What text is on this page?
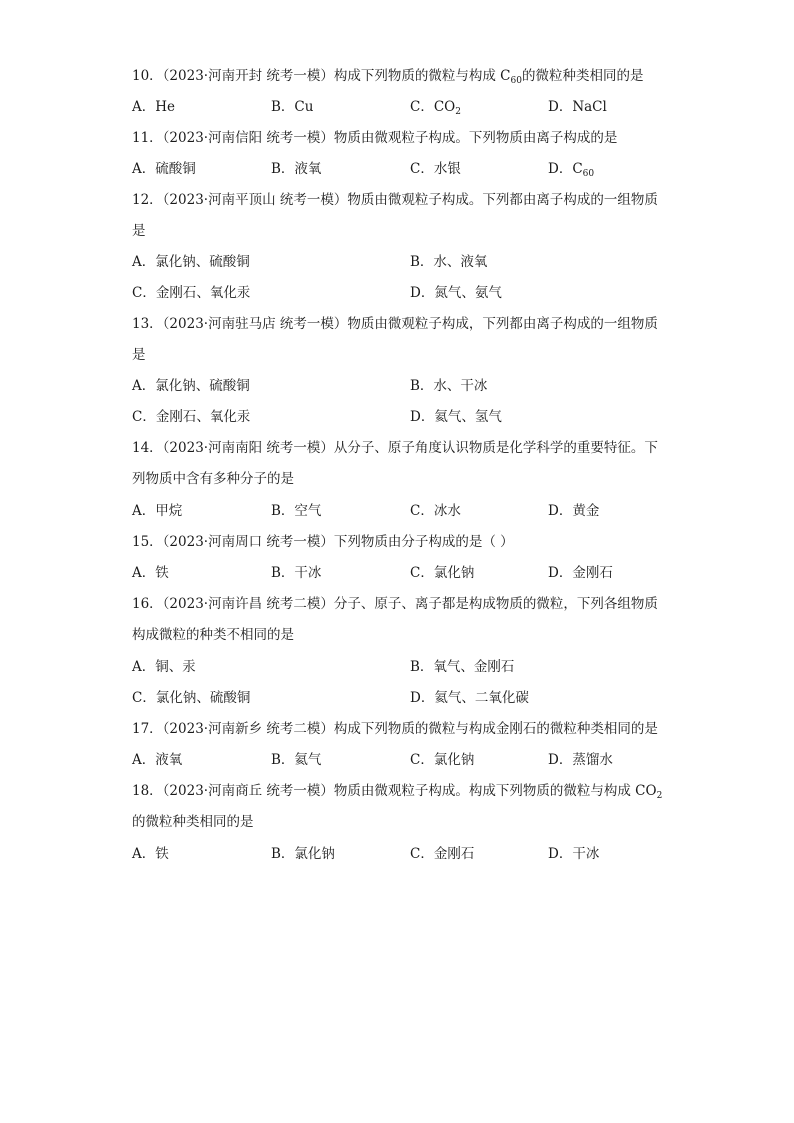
10．（2023·河南开封 统考一模）构成下列物质的微粒与构成 $C_{60}$的微粒种类相同的是
A．He	B．Cu	C．$CO_2$	D．NaCl
11．（2023·河南信阳 统考一模）物质由微观粒子构成。下列物质由离子构成的是
A．硫酸铜	B．液氧	C．水银	D．$C_{60}$
12．（2023·河南平顶山 统考一模）物质由微观粒子构成。下列都由离子构成的一组物质
是
A．氯化钠、硫酸铜	B．水、液氧
C．金刚石、氧化汞	D．氮气、氨气
13．（2023·河南驻马店 统考一模）物质由微观粒子构成，下列都由离子构成的一组物质
是
A．氯化钠、硫酸铜	B．水、干冰
C．金刚石、氧化汞	D．氦气、氢气
14．（2023·河南南阳 统考一模）从分子、原子角度认识物质是化学科学的重要特征。下
列物质中含有多种分子的是
A．甲烷	B．空气	C．冰水	D．黄金
15．（2023·河南周口 统考一模）下列物质由分子构成的是（ ）
A．铁	B．干冰	C．氯化钠	D．金刚石
16．（2023·河南许昌 统考二模）分子、原子、离子都是构成物质的微粒，下列各组物质
构成微粒的种类不相同的是
A．铜、汞	B．氧气、金刚石
C．氯化钠、硫酸铜	D．氦气、二氧化碳
17．（2023·河南新乡 统考二模）构成下列物质的微粒与构成金刚石的微粒种类相同的是
A．液氧	B．氦气	C．氯化钠	D．蒸馏水
18．（2023·河南商丘 统考一模）物质由微观粒子构成。构成下列物质的微粒与构成 $CO_2$
的微粒种类相同的是
A．铁	B．氯化钠	C．金刚石	D．干冰
